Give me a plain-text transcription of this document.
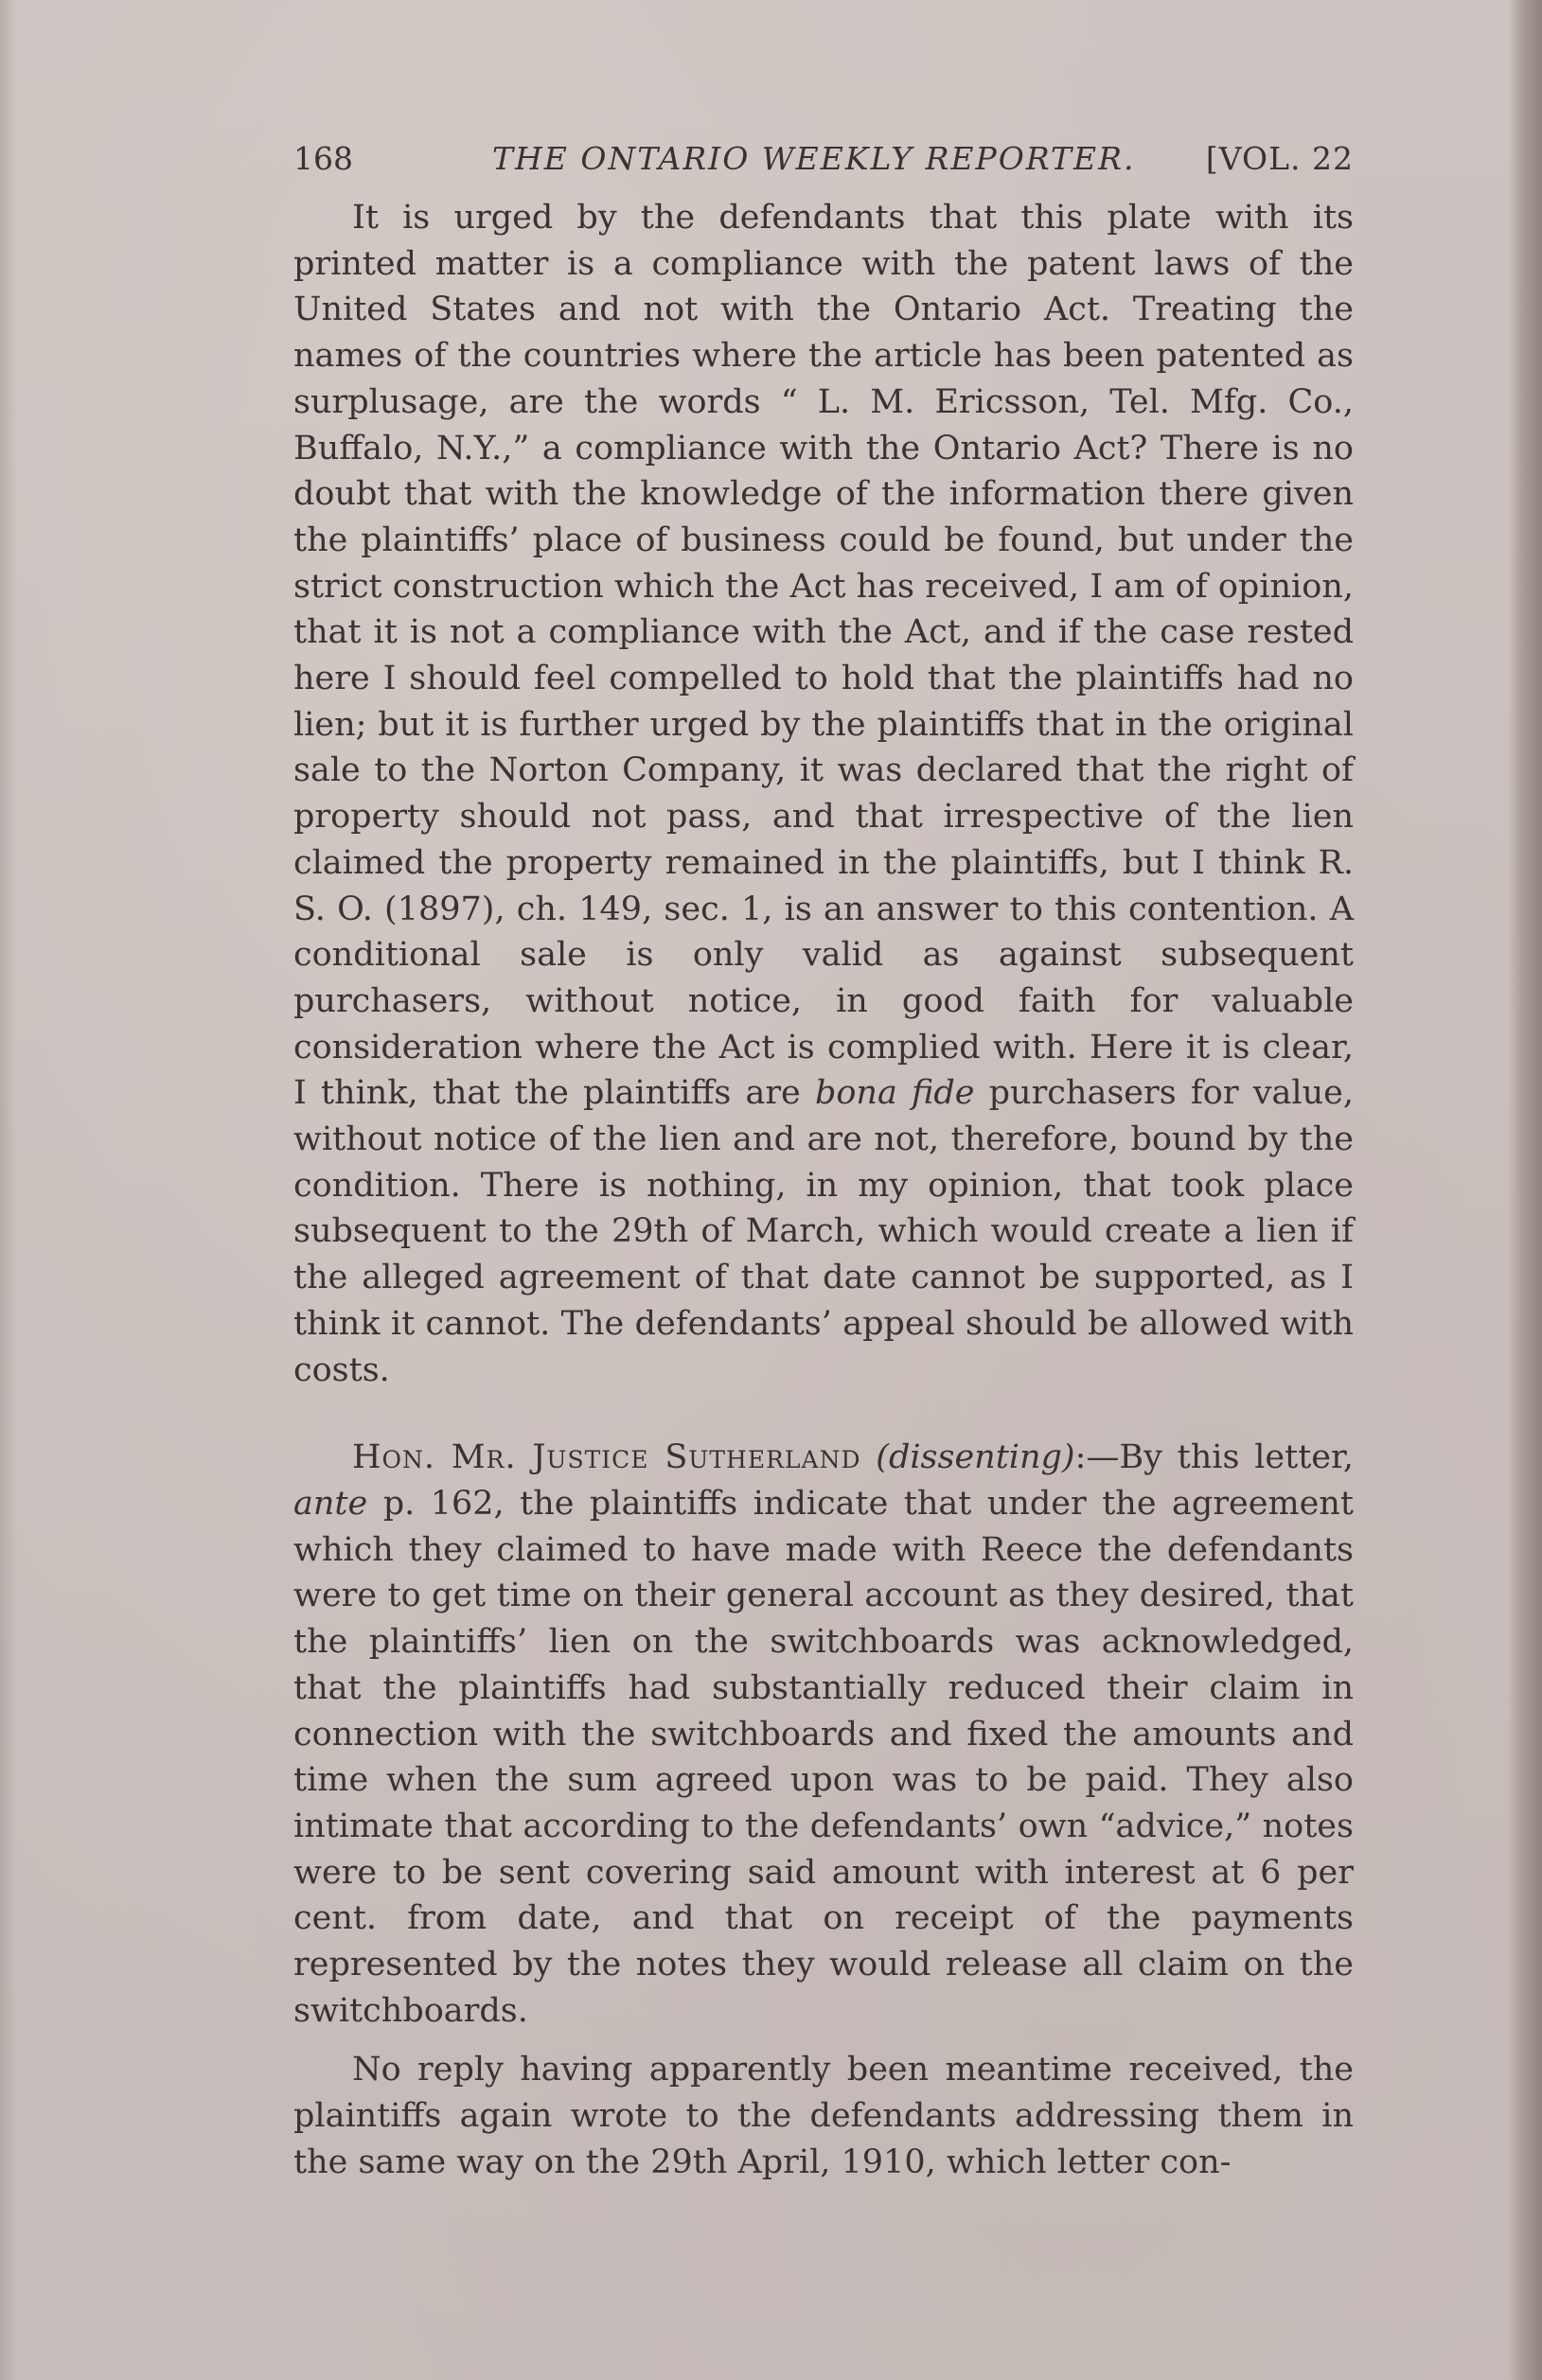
168	THE ONTARIO WEEKLY REPORTER. [VOL. 22

It is urged by the defendants that this plate with its printed matter is a compliance with the patent laws of the United States and not with the Ontario Act. Treating the names of the countries where the article has been patented as surplusage, are the words “ L. M. Ericsson, Tel. Mfg. Co., Buffalo, N.Y.,” a compliance with the Ontario Act? There is no doubt that with the knowledge of the information there given the plaintiffs’ place of business could be found, but under the strict construction which the Act has received, I am of opinion, that it is not a compliance with the Act, and if the case rested here I should feel compelled to hold that the plaintiffs had no lien; but it is further urged by the plaintiffs that in the original sale to the Norton Company, it was declared that the right of property should not pass, and that irrespective of the lien claimed the property remained in the plaintiffs, but I think R. S. O. (1897), ch. 149, sec. 1, is an answer to this contention. A conditional sale is only valid as against subsequent purchasers, without notice, in good faith for valuable consideration where the Act is complied with. Here it is clear, I think, that the plaintiffs are bona fide purchasers for value, without notice of the lien and are not, therefore, bound by the condition. There is nothing, in my opinion, that took place subsequent to the 29th of March, which would create a lien if the alleged agreement of that date cannot be supported, as I think it cannot. The defendants’ appeal should be allowed with costs.

Hon. Mr. Justice Sutherland (dissenting):—By this letter, ante p. 162, the plaintiffs indicate that under the agreement which they claimed to have made with Reece the defendants were to get time on their general account as they desired, that the plaintiffs’ lien on the switchboards was acknowledged, that the plaintiffs had substantially reduced their claim in connection with the switchboards and fixed the amounts and time when the sum agreed upon was to be paid. They also intimate that according to the defendants’ own “advice,” notes were to be sent covering said amount with interest at 6 per cent. from date, and that on receipt of the payments represented by the notes they would release all claim on the switchboards.

No reply having apparently been meantime received, the plaintiffs again wrote to the defendants addressing them in the same way on the 29th April, 1910, which letter con-
